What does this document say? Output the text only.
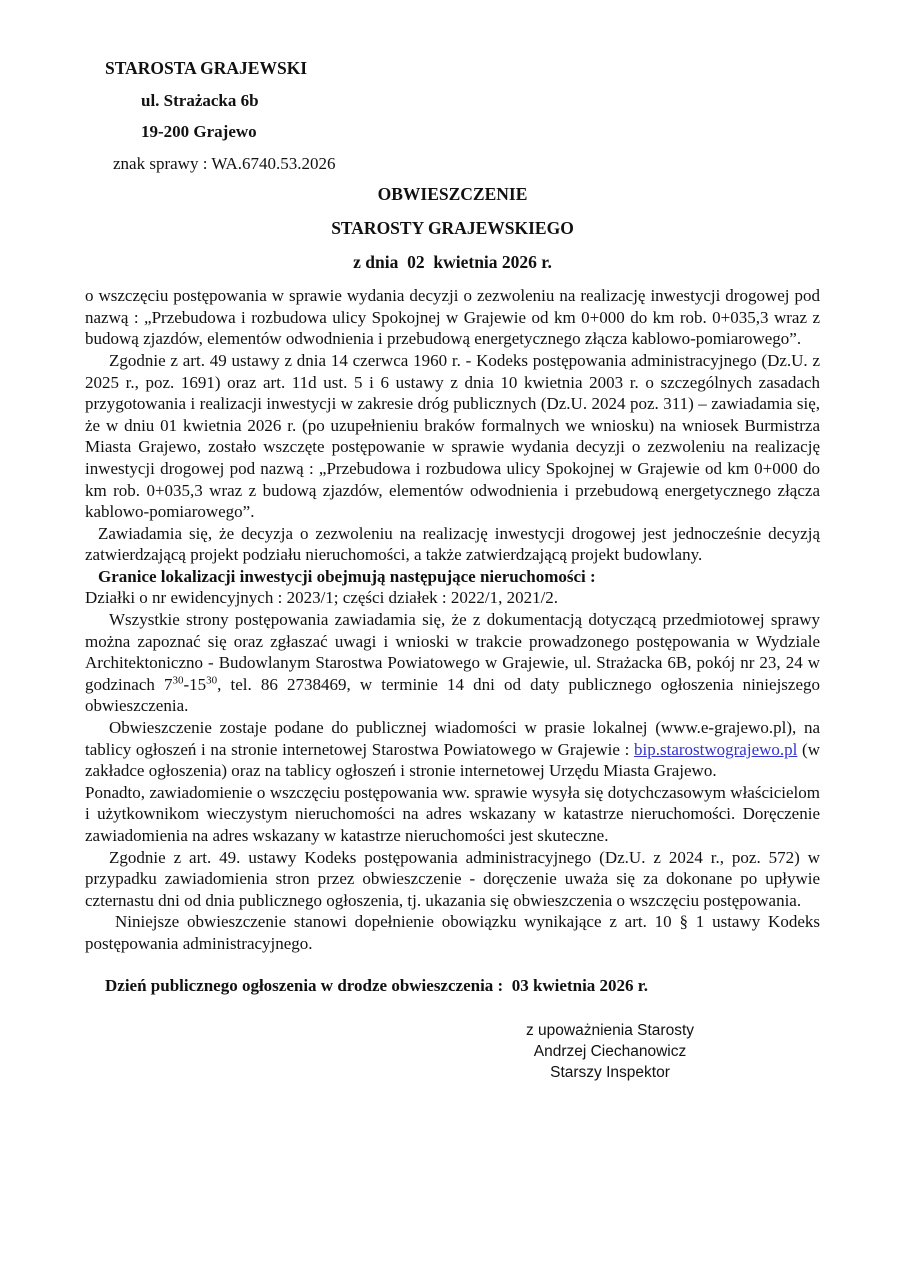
STAROSTA GRAJEWSKI

ul. Strażacka 6b

19-200 Grajewo

znak sprawy : WA.6740.53.2026

OBWIESZCZENIE

STAROSTY GRAJEWSKIEGO

z dnia  02  kwietnia 2026 r.

o wszczęciu postępowania w sprawie wydania decyzji o zezwoleniu na realizację inwestycji drogowej pod nazwą : „Przebudowa i rozbudowa ulicy Spokojnej w Grajewie od km 0+000 do km rob. 0+035,3 wraz z budową zjazdów, elementów odwodnienia i przebudową energetycznego złącza kablowo-pomiarowego”.

Zgodnie z art. 49 ustawy z dnia 14 czerwca 1960 r. - Kodeks postępowania administracyjnego (Dz.U. z 2025 r., poz. 1691) oraz art. 11d ust. 5 i 6 ustawy z dnia 10 kwietnia 2003 r. o szczególnych zasadach przygotowania i realizacji inwestycji w zakresie dróg publicznych (Dz.U. 2024 poz. 311) – zawiadamia się, że w dniu 01 kwietnia 2026 r. (po uzupełnieniu braków formalnych we wniosku) na wniosek Burmistrza Miasta Grajewo, zostało wszczęte postępowanie w sprawie wydania decyzji o zezwoleniu na realizację inwestycji drogowej pod nazwą : „Przebudowa i rozbudowa ulicy Spokojnej w Grajewie od km 0+000 do km rob. 0+035,3 wraz z budową zjazdów, elementów odwodnienia i przebudową energetycznego złącza kablowo-pomiarowego”.

Zawiadamia się, że decyzja o zezwoleniu na realizację inwestycji drogowej jest jednocześnie decyzją zatwierdzającą projekt podziału nieruchomości, a także zatwierdzającą projekt budowlany.

Granice lokalizacji inwestycji obejmują następujące nieruchomości :

Działki o nr ewidencyjnych : 2023/1; części działek : 2022/1, 2021/2.

Wszystkie strony postępowania zawiadamia się, że z dokumentacją dotyczącą przedmiotowej sprawy można zapoznać się oraz zgłaszać uwagi i wnioski w trakcie prowadzonego postępowania w Wydziale Architektoniczno - Budowlanym Starostwa Powiatowego w Grajewie, ul. Strażacka 6B, pokój nr 23, 24 w godzinach $7^{30}-15^{30}$, tel. 86 2738469, w terminie 14 dni od daty publicznego ogłoszenia niniejszego obwieszczenia.

Obwieszczenie zostaje podane do publicznej wiadomości w prasie lokalnej (www.e-grajewo.pl), na tablicy ogłoszeń i na stronie internetowej Starostwa Powiatowego w Grajewie : bip.starostwograjewo.pl (w zakładce ogłoszenia) oraz na tablicy ogłoszeń i stronie internetowej Urzędu Miasta Grajewo.

Ponadto, zawiadomienie o wszczęciu postępowania ww. sprawie wysyła się dotychczasowym właścicielom i użytkownikom wieczystym nieruchomości na adres wskazany w katastrze nieruchomości. Doręczenie zawiadomienia na adres wskazany w katastrze nieruchomości jest skuteczne.

Zgodnie z art. 49. ustawy Kodeks postępowania administracyjnego (Dz.U. z 2024 r., poz. 572) w przypadku zawiadomienia stron przez obwieszczenie - doręczenie uważa się za dokonane po upływie czternastu dni od dnia publicznego ogłoszenia, tj. ukazania się obwieszczenia o wszczęciu postępowania.

Niniejsze obwieszczenie stanowi dopełnienie obowiązku wynikające z art. 10 § 1 ustawy Kodeks postępowania administracyjnego.

Dzień publicznego ogłoszenia w drodze obwieszczenia :  03 kwietnia 2026 r.

z upoważnienia Starosty

Andrzej Ciechanowicz

Starszy Inspektor
